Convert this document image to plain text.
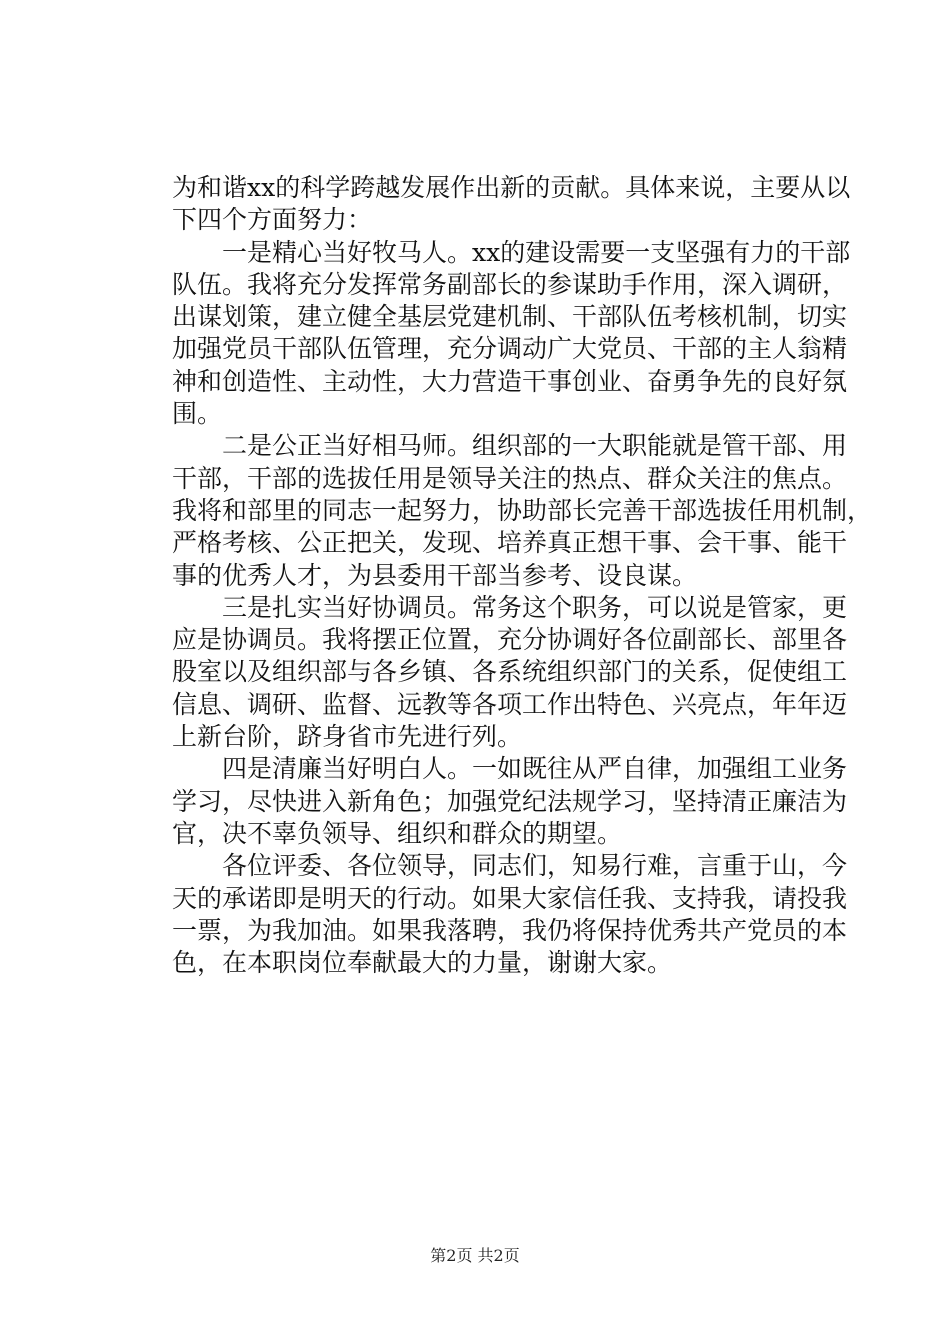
为和谐xx的科学跨越发展作出新的贡献。具体来说，主要从以
下四个方面努力：
一是精心当好牧马人。xx的建设需要一支坚强有力的干部
队伍。我将充分发挥常务副部长的参谋助手作用，深入调研，
出谋划策，建立健全基层党建机制、干部队伍考核机制，切实
加强党员干部队伍管理，充分调动广大党员、干部的主人翁精
神和创造性、主动性，大力营造干事创业、奋勇争先的良好氛
围。
二是公正当好相马师。组织部的一大职能就是管干部、用
干部，干部的选拔任用是领导关注的热点、群众关注的焦点。
我将和部里的同志一起努力，协助部长完善干部选拔任用机制，
严格考核、公正把关，发现、培养真正想干事、会干事、能干
事的优秀人才，为县委用干部当参考、设良谋。
三是扎实当好协调员。常务这个职务，可以说是管家，更
应是协调员。我将摆正位置，充分协调好各位副部长、部里各
股室以及组织部与各乡镇、各系统组织部门的关系，促使组工
信息、调研、监督、远教等各项工作出特色、兴亮点，年年迈
上新台阶，跻身省市先进行列。
四是清廉当好明白人。一如既往从严自律，加强组工业务
学习，尽快进入新角色；加强党纪法规学习，坚持清正廉洁为
官，决不辜负领导、组织和群众的期望。
各位评委、各位领导，同志们，知易行难，言重于山，今
天的承诺即是明天的行动。如果大家信任我、支持我，请投我
一票，为我加油。如果我落聘，我仍将保持优秀共产党员的本
色，在本职岗位奉献最大的力量，谢谢大家。
第2页 共2页
